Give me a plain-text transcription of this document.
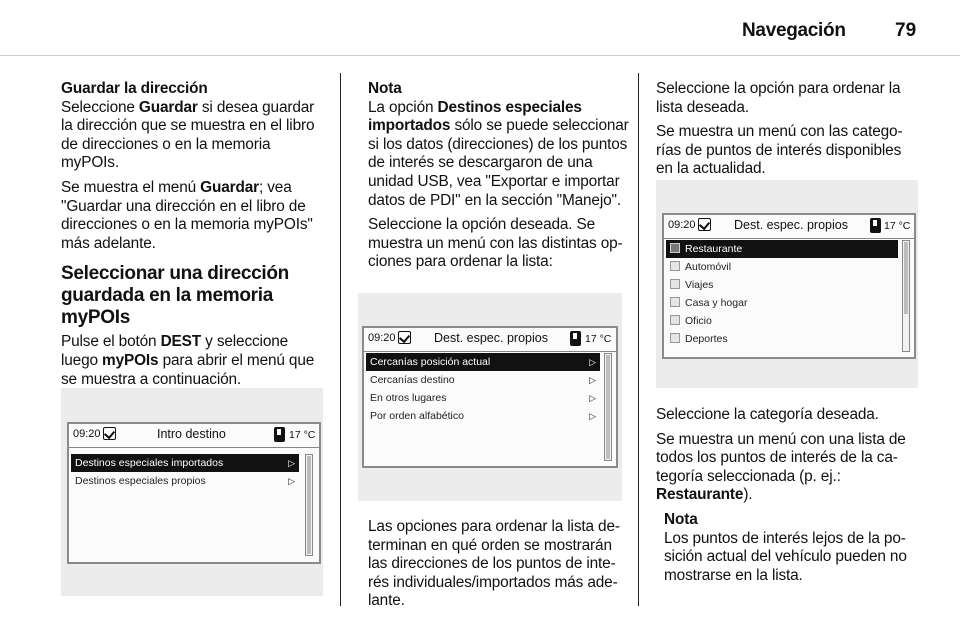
Navegación	79

Guardar la dirección

Seleccione Guardar si desea guardar la dirección que se muestra en el libro de direcciones o en la memoria myPOIs.

Se muestra el menú Guardar; vea "Guardar una dirección en el libro de direcciones o en la memoria myPOIs" más adelante.

Seleccionar una dirección guardada en la memoria myPOIs

Pulse el botón DEST y seleccione luego myPOIs para abrir el menú que se muestra a continuación.

09:20	Intro destino	17 °C
Destinos especiales importados	▷
Destinos especiales propios	▷

Nota

La opción Destinos especiales importados sólo se puede seleccionar si los datos (direcciones) de los puntos de interés se descargaron de una unidad USB, vea "Exportar e importar datos de PDI" en la sección "Manejo".

Seleccione la opción deseada. Se muestra un menú con las distintas opciones para ordenar la lista:

09:20	Dest. espec. propios	17 °C
Cercanías posición actual	▷
Cercanías destino	▷
En otros lugares	▷
Por orden alfabético	▷

Las opciones para ordenar la lista determinan en qué orden se mostrarán las direcciones de los puntos de interés individuales/importados más adelante.

Seleccione la opción para ordenar la lista deseada.

Se muestra un menú con las categorías de puntos de interés disponibles en la actualidad.

09:20	Dest. espec. propios	17 °C
Restaurante
Automóvil
Viajes
Casa y hogar
Oficio
Deportes

Seleccione la categoría deseada.

Se muestra un menú con una lista de todos los puntos de interés de la categoría seleccionada (p. ej.: Restaurante).

Nota

Los puntos de interés lejos de la posición actual del vehículo pueden no mostrarse en la lista.
